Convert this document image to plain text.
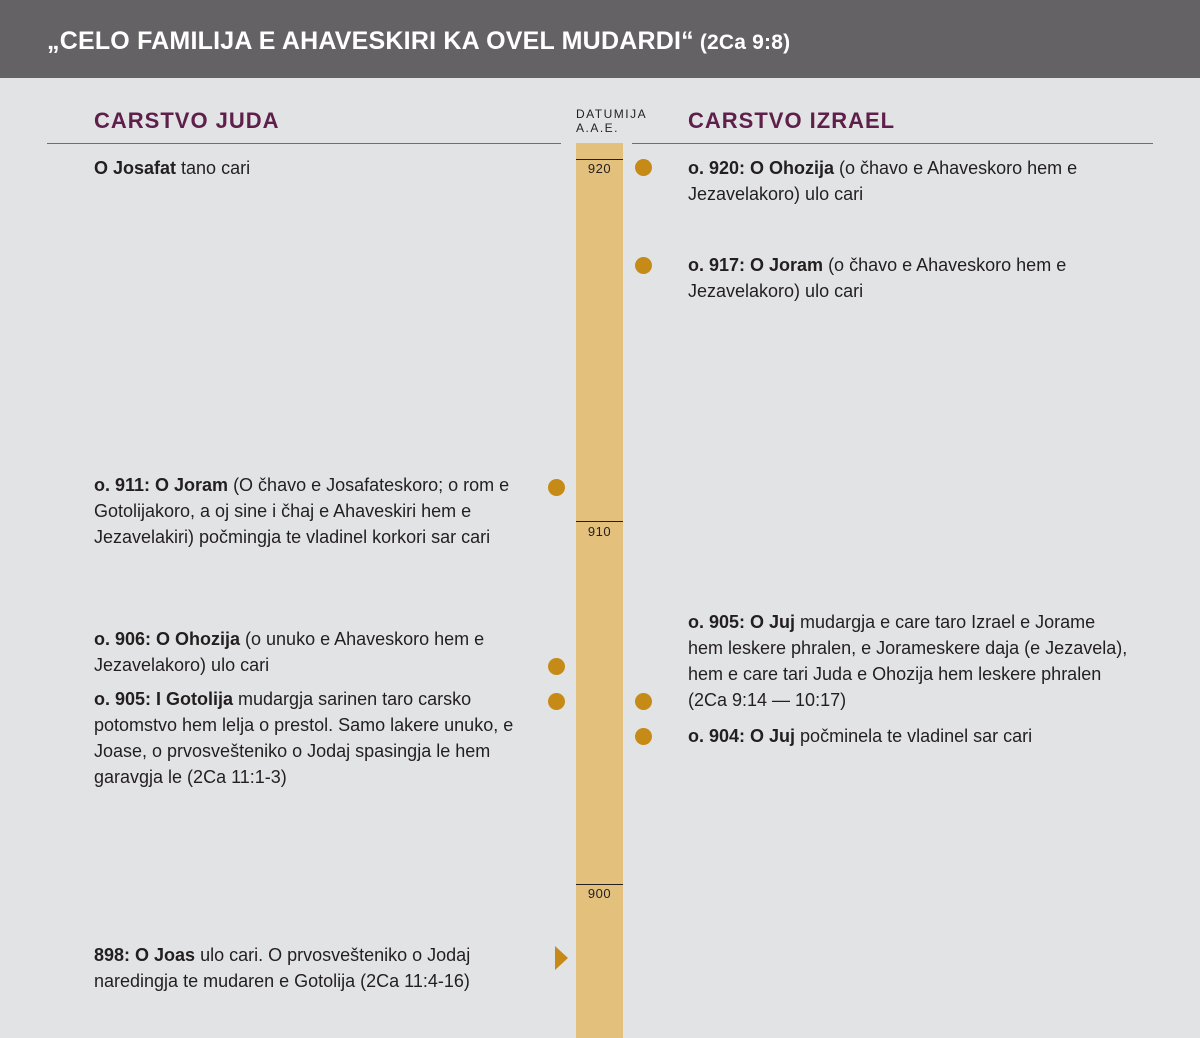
„CELO FAMILIJA E AHAVESKIRI KA OVEL MUDARDI“ (2Ca 9:8)
CARSTVO JUDA	DATUMIJA
A.A.E.	CARSTVO IZRAEL
920
910
900
O Josafat tano cari
o. 911: O Joram (O čhavo e Josafateskoro; o rom e Gotolijakoro, a oj sine i čhaj e Ahaveskiri hem e Jezavelakiri) počmingja te vladinel korkori sar cari
o. 906: O Ohozija (o unuko e Ahaveskoro hem e Jezavelakoro) ulo cari
o. 905: I Gotolija mudargja sarinen taro carsko potomstvo hem lelja o prestol. Samo lakere unuko, e Joase, o prvosvešteniko o Jodaj spasingja le hem garavgja le (2Ca 11:1-3)
898: O Joas ulo cari. O prvosvešteniko o Jodaj naredingja te mudaren e Gotolija (2Ca 11:4-16)
o. 920: O Ohozija (o čhavo e Ahaveskoro hem e Jezavelakoro) ulo cari
o. 917: O Joram (o čhavo e Ahaveskoro hem e Jezavelakoro) ulo cari
o. 905: O Juj mudargja e care taro Izrael e Jorame hem leskere phralen, e Jorameskere daja (e Jezavela), hem e care tari Juda e Ohozija hem leskere phralen (2Ca 9:14 — 10:17)
o. 904: O Juj počminela te vladinel sar cari
